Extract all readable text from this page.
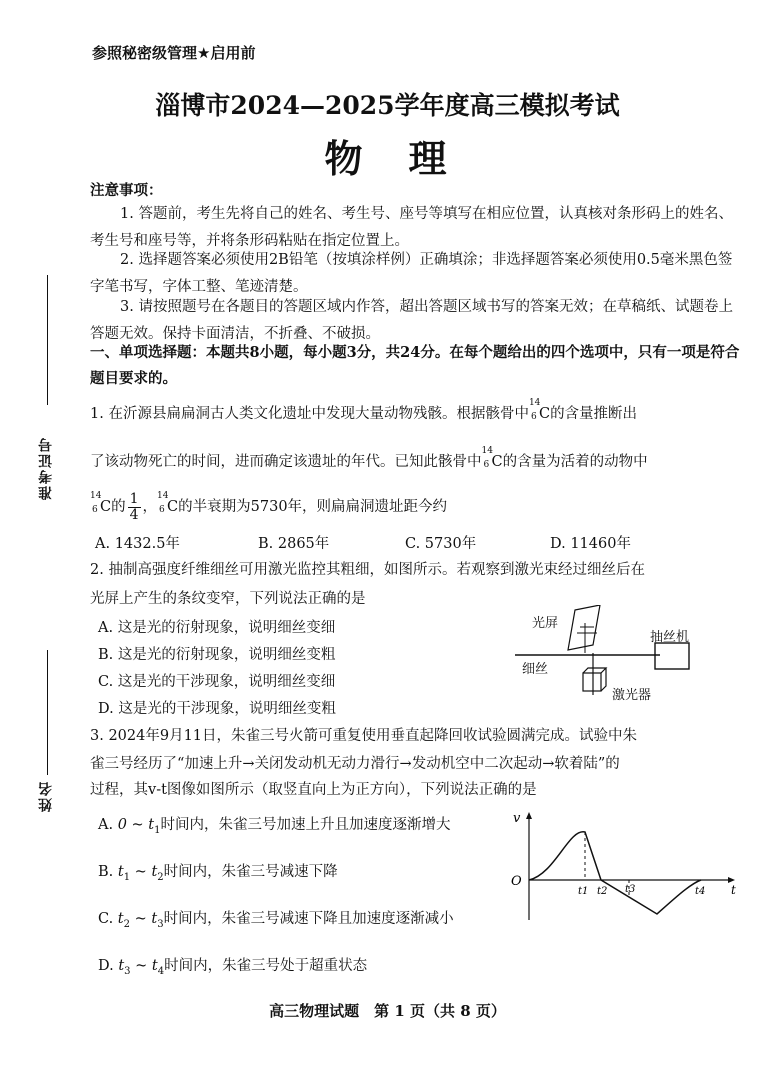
参照秘密级管理★启用前
淄博市2024—2025学年度高三模拟考试
物　理
准考证号
姓名
注意事项：
1. 答题前，考生先将自己的姓名、考生号、座号等填写在相应位置，认真核对条形码上的姓名、考生号和座号等，并将条形码粘贴在指定位置上。
2. 选择题答案必须使用2B铅笔（按填涂样例）正确填涂；非选择题答案必须使用0.5毫米黑色签字笔书写，字体工整、笔迹清楚。
3. 请按照题号在各题目的答题区域内作答，超出答题区域书写的答案无效；在草稿纸、试题卷上答题无效。保持卡面清洁，不折叠、不破损。
一、单项选择题：本题共8小题，每小题3分，共24分。在每个题给出的四个选项中，只有一项是符合题目要求的。
1. 在沂源县扁扁洞古人类文化遗址中发现大量动物残骸。根据骸骨中
14
6 C的含量推断出
了该动物死亡的时间，进而确定该遗址的年代。已知此骸骨中
14
6 C的含量为活着的动物中
14
6 C的 $\frac{1}{4}$ ，
14
6 C的半衰期为5730年，则扁扁洞遗址距今约
A. 1432.5年	B. 2865年	C. 5730年	D. 11460年
2. 抽制高强度纤维细丝可用激光监控其粗细，如图所示。若观察到激光束经过细丝后在
光屏上产生的条纹变窄，下列说法正确的是
A. 这是光的衍射现象，说明细丝变细
B. 这是光的衍射现象，说明细丝变粗
C. 这是光的干涉现象，说明细丝变细
D. 这是光的干涉现象，说明细丝变粗
光屏
抽丝机
细丝
激光器
3. 2024年9月11日，朱雀三号火箭可重复使用垂直起降回收试验圆满完成。试验中朱
雀三号经历了“加速上升→关闭发动机无动力滑行→发动机空中二次起动→软着陆”的
过程，其v-t图像如图所示（取竖直向上为正方向），下列说法正确的是
A. 0 ~ $t_1$时间内，朱雀三号加速上升且加速度逐渐增大
B. $t_1$ ~ $t_2$时间内，朱雀三号减速下降
C. $t_2$ ~ $t_3$时间内，朱雀三号减速下降且加速度逐渐减小
D. $t_3$ ~ $t_4$时间内，朱雀三号处于超重状态
v
O
t
t1 t2 t3	t4
高三物理试题　第 1 页（共 8 页）
